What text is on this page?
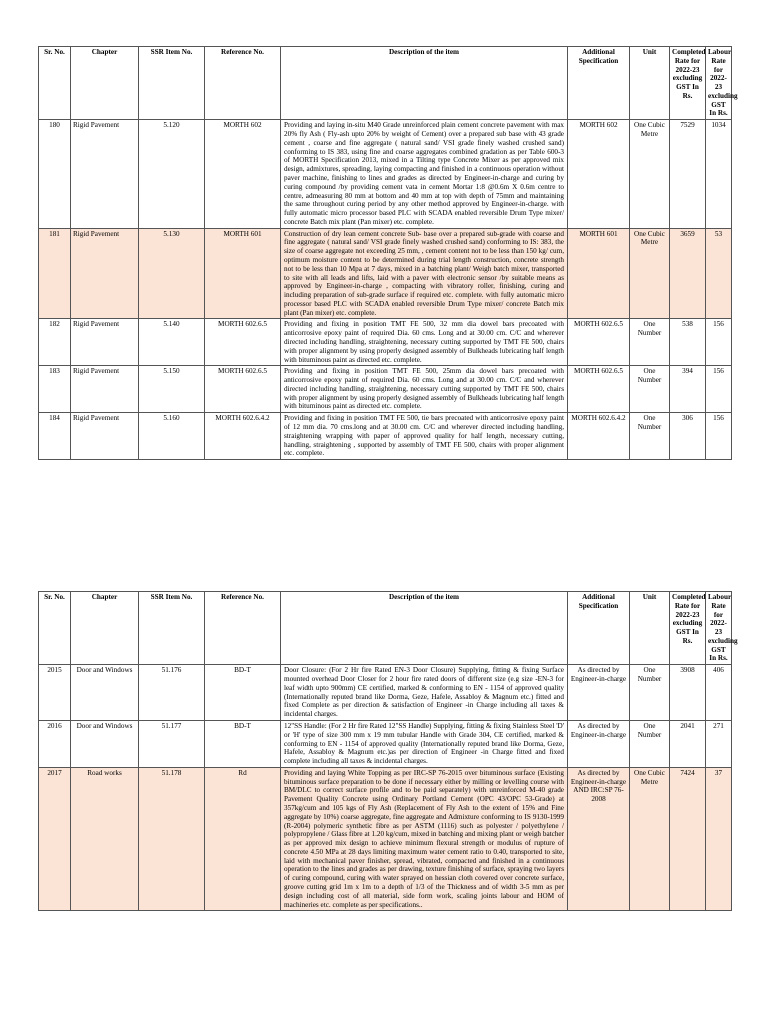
Sr. No.	Chapter	SSR Item No.	Reference No.	Description of the item	Additional Specification	Unit	Completed Rate for 2022-23 excluding GST In Rs.	Labour Rate for 2022-23 excluding GST In Rs.
180	Rigid Pavement	5.120	MORTH 602	Providing and laying in-situ M40 Grade unreinforced plain cement concrete pavement with max 20% fly Ash ( Fly-ash upto 20% by weight of Cement) over a prepared sub base with 43 grade cement , coarse and fine aggregate ( natural sand/ VSI grade finely washed crushed sand) conforming to IS 383, using fine and coarse aggregates combined gradation as per Table 600-3 of MORTH Specification 2013, mixed in a Tilting type Concrete Mixer as per approved mix design, admixtures, spreading, laying compacting and finished in a continuous operation without paver machine, finishing to lines and grades as directed by Engineer-in-charge and curing by curing compound /by providing cement vata in cement Mortar 1:8 @0.6m X 0.6m centre to centre, admeasuring 80 mm at bottom and 40 mm at top with depth of 75mm and maintaining the same throughout curing period by any other method approved by Engineer-in-charge. with fully automatic micro processor based PLC with SCADA enabled reversible Drum Type mixer/ concrete Batch mix plant (Pan mixer) etc. complete.	MORTH 602	One Cubic Metre	7529	1034
181	Rigid Pavement	5.130	MORTH 601	Construction of dry lean cement concrete Sub- base over a prepared sub-grade with coarse and fine aggregate ( natural sand/ VSI grade finely washed crushed sand) conforming to IS: 383, the size of coarse aggregate not exceeding 25 mm, , cement content not to be less than 150 kg/ cum, optimum moisture content to be determined during trial length construction, concrete strength not to be less than 10 Mpa at 7 days, mixed in a batching plant/ Weigh batch mixer, transported to site with all leads and lifts, laid with a paver with electronic sensor /by suitable means as approved by Engineer-in-charge , compacting with vibratory roller, finishing, curing and including preparation of sub-grade surface if required etc. complete. with fully automatic micro processor based PLC with SCADA enabled reversible Drum Type mixer/ concrete Batch mix plant (Pan mixer) etc. complete.	MORTH 601	One Cubic Metre	3659	53
182	Rigid Pavement	5.140	MORTH 602.6.5	Providing and fixing in position TMT FE 500, 32 mm dia dowel bars precoated with anticorrosive epoxy paint of required Dia. 60 cms. Long and at 30.00 cm. C/C and wherever directed including handling, straightening, necessary cutting supported by TMT FE 500, chairs with proper alignment by using properly designed assembly of Bulkheads lubricating half length with bituminous paint as directed etc. complete.	MORTH 602.6.5	One Number	538	156
183	Rigid Pavement	5.150	MORTH 602.6.5	Providing and fixing in position TMT FE 500, 25mm dia dowel bars precoated with anticorrosive epoxy paint of required Dia. 60 cms. Long and at 30.00 cm. C/C and wherever directed including handling, straightening, necessary cutting supported by TMT FE 500, chairs with proper alignment by using properly designed assembly of Bulkheads lubricating half length with bituminous paint as directed etc. complete.	MORTH 602.6.5	One Number	394	156
184	Rigid Pavement	5.160	MORTH 602.6.4.2	Providing and fixing in position TMT FE 500, tie bars precoated with anticorrosive epoxy paint of 12 mm dia. 70 cms.long and at 30.00 cm. C/C and wherever directed including handling, straightening wrapping with paper of approved quality for half length, necessary cutting, handling, straightening , supported by assembly of TMT FE 500, chairs with proper alignment etc. complete.	MORTH 602.6.4.2	One Number	306	156
Sr. No.	Chapter	SSR Item No.	Reference No.	Description of the item	Additional Specification	Unit	Completed Rate for 2022-23 excluding GST In Rs.	Labour Rate for 2022-23 excluding GST In Rs.
2015	Door and Windows	51.176	BD-T	Door Closure: (For 2 Hr fire Rated EN-3 Door Closure) Supplying, fitting & fixing Surface mounted overhead Door Closer for 2 hour fire rated doors of different size (e.g size -EN-3 for leaf width upto 900mm) CE certified, marked & conforming to EN - 1154 of approved quality (Internationally reputed brand like Dorma, Geze, Hafele, Assabloy & Magnum etc.) fitted and fixed Complete as per direction & satisfaction of Engineer -in Charge including all taxes & incidental charges.	As directed by Engineer-in-charge	One Number	3908	406
2016	Door and Windows	51.177	BD-T	12"SS Handle: (For 2 Hr fire Rated 12"SS Handle) Supplying, fitting & fixing Stainless Steel 'D' or 'H' type of size 300 mm x 19 mm tubular Handle with Grade 304, CE certified, marked & conforming to EN - 1154 of approved quality (Internationally reputed brand like Dorma, Geze, Hafele, Assabloy & Magnum etc.)as per direction of Engineer -in Charge fitted and fixed complete including all taxes & incidental charges.	As directed by Engineer-in-charge	One Number	2041	271
2017	Road works	51.178	Rd	Providing and laying White Topping as per IRC-SP 76-2015 over bituminous surface (Existing bituminous surface preparation to be done if necessary either by milling or levelling course with BM/DLC to correct surface profile and to be paid separately) with unreinforced M-40 grade Pavement Quality Concrete using Ordinary Portland Cement (OPC 43/OPC 53-Grade) at 357kg/cum and 105 kgs of Fly Ash (Replacement of Fly Ash to the extent of 15% and Fine aggregate by 10%) coarse aggregate, fine aggregate and Admixture conforming to IS 9130-1999 (R-2004) polymeric synthetic fibre as per ASTM (1116) such as polyester / polyethylene / polypropylene / Glass fibre at 1.20 kg/cum, mixed in batching and mixing plant or weigh batcher as per approved mix design to achieve minimum flexural strength or modulus of rupture of concrete 4.50 MPa at 28 days limiting maximum water cement ratio to 0.40, transported to site, laid with mechanical paver finisher, spread, vibrated, compacted and finished in a continuous operation to the lines and grades as per drawing, texture finishing of surface, spraying two layers of curing compound, curing with water sprayed on hessian cloth covered over concrete surface, groove cutting grid 1m x 1m to a depth of 1/3 of the Thickness and of width 3-5 mm as per design including cost of all material, side form work, scaling joints labour and HOM of machineries etc. complete as per specifications..	As directed by Engineer-in-charge AND IRC:SP 76-2008	One Cubic Metre	7424	37
